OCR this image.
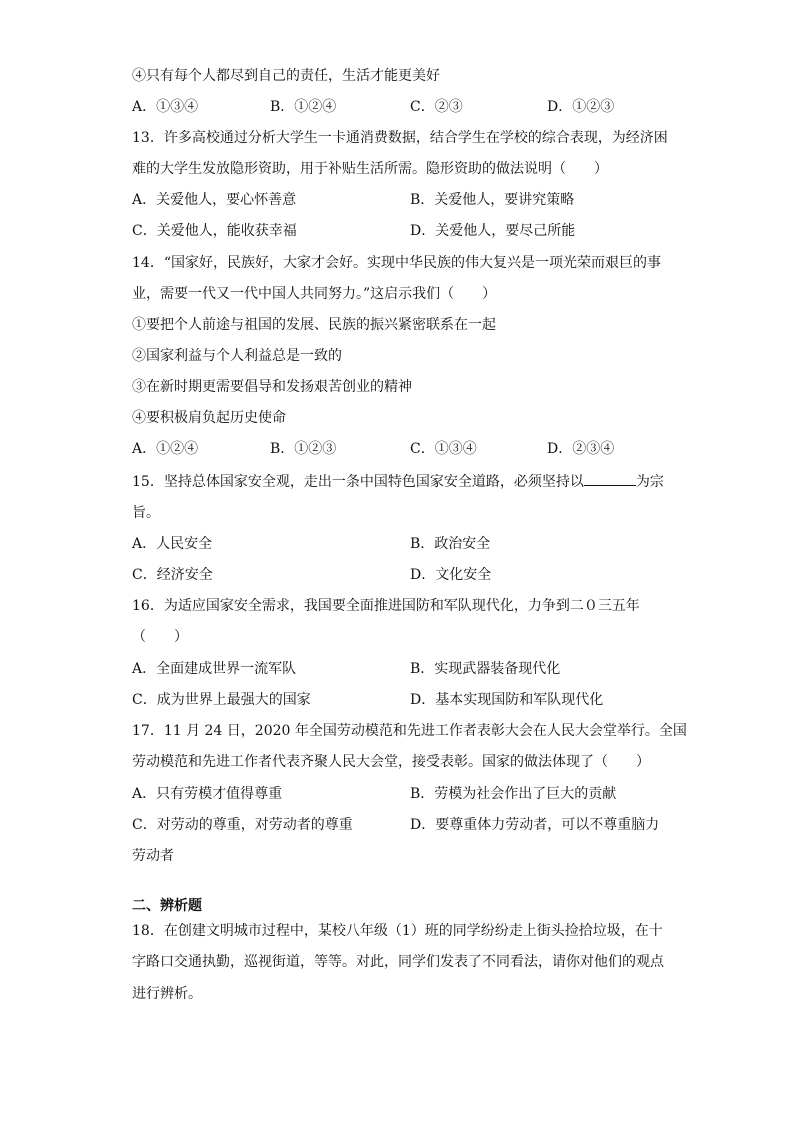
④只有每个人都尽到自己的责任，生活才能更美好
A．①③④	B．①②④	C．②③	D．①②③
13．许多高校通过分析大学生一卡通消费数据，结合学生在学校的综合表现，为经济困
难的大学生发放隐形资助，用于补贴生活所需。隐形资助的做法说明（　　）
A．关爱他人，要心怀善意	B．关爱他人，要讲究策略
C．关爱他人，能收获幸福	D．关爱他人，要尽己所能
14．“国家好，民族好，大家才会好。实现中华民族的伟大复兴是一项光荣而艰巨的事
业，需要一代又一代中国人共同努力。”这启示我们（　　）
①要把个人前途与祖国的发展、民族的振兴紧密联系在一起
②国家利益与个人利益总是一致的
③在新时期更需要倡导和发扬艰苦创业的精神
④要积极肩负起历史使命
A．①②④	B．①②③	C．①③④	D．②③④
15．坚持总体国家安全观，走出一条中国特色国家安全道路，必须坚持以	为宗
旨。
A．人民安全	B．政治安全
C．经济安全	D．文化安全
16．为适应国家安全需求，我国要全面推进国防和军队现代化，力争到二０三五年
（　　）
A．全面建成世界一流军队	B．实现武器装备现代化
C．成为世界上最强大的国家	D．基本实现国防和军队现代化
17．11 月 24 日，2020 年全国劳动模范和先进工作者表彰大会在人民大会堂举行。全国
劳动模范和先进工作者代表齐聚人民大会堂，接受表彰。国家的做法体现了（　　）
A．只有劳模才值得尊重	B．劳模为社会作出了巨大的贡献
C．对劳动的尊重，对劳动者的尊重	D．要尊重体力劳动者，可以不尊重脑力
劳动者
二、辨析题
18．在创建文明城市过程中，某校八年级（1）班的同学纷纷走上街头捡拾垃圾，在十
字路口交通执勤，巡视街道，等等。对此，同学们发表了不同看法，请你对他们的观点
进行辨析。
